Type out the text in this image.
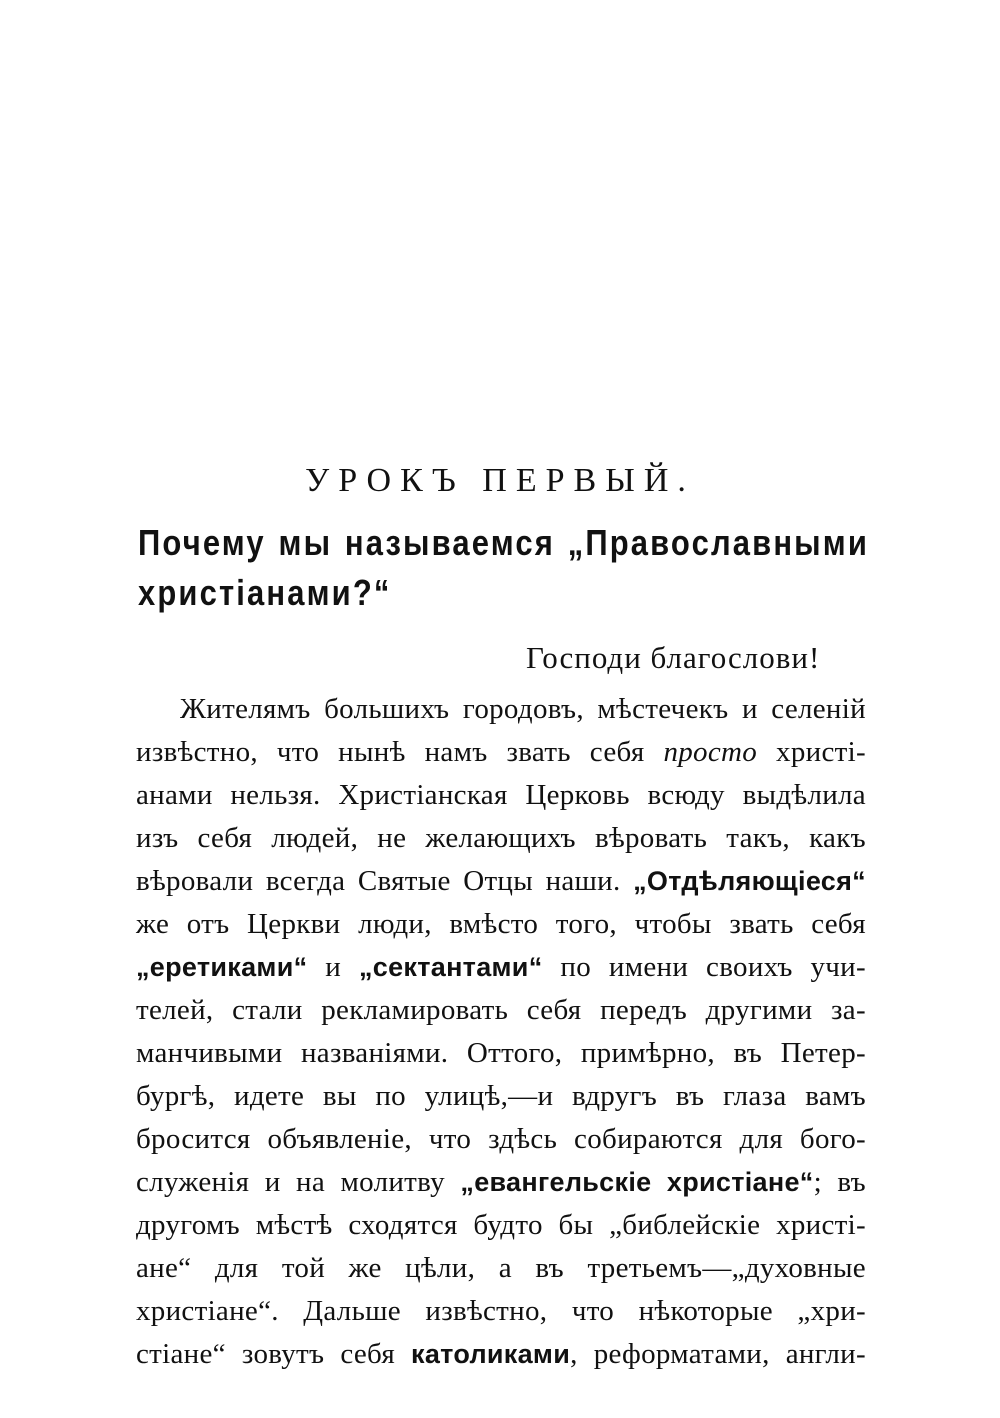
УРОКЪ ПЕРВЫЙ.
Почему мы называемся „Православными христіанами?“

Господи благослови!

Жителямъ большихъ городовъ, мѣстечекъ и селеній
извѣстно, что нынѣ намъ звать себя просто христі-
анами нельзя. Христіанская Церковь всюду выдѣлила
изъ себя людей, не желающихъ вѣровать такъ, какъ
вѣровали всегда Святые Отцы наши. „Отдѣляющіеся“
же отъ Церкви люди, вмѣсто того, чтобы звать себя
„еретиками“ и „сектантами“ по имени своихъ учи-
телей, стали рекламировать себя передъ другими за-
манчивыми названіями. Оттого, примѣрно, въ Петер-
бургѣ, идете вы по улицѣ,—и вдругъ въ глаза вамъ
бросится объявленіе, что здѣсь собираются для бого-
служенія и на молитву „евангельскіе христіане“; въ
другомъ мѣстѣ сходятся будто бы „библейскіе христі-
ане“ для той же цѣли, а въ третьемъ—„духовные
христіане“. Дальше извѣстно, что нѣкоторые „хри-
стіане“ зовутъ себя католиками, реформатами, англи-
